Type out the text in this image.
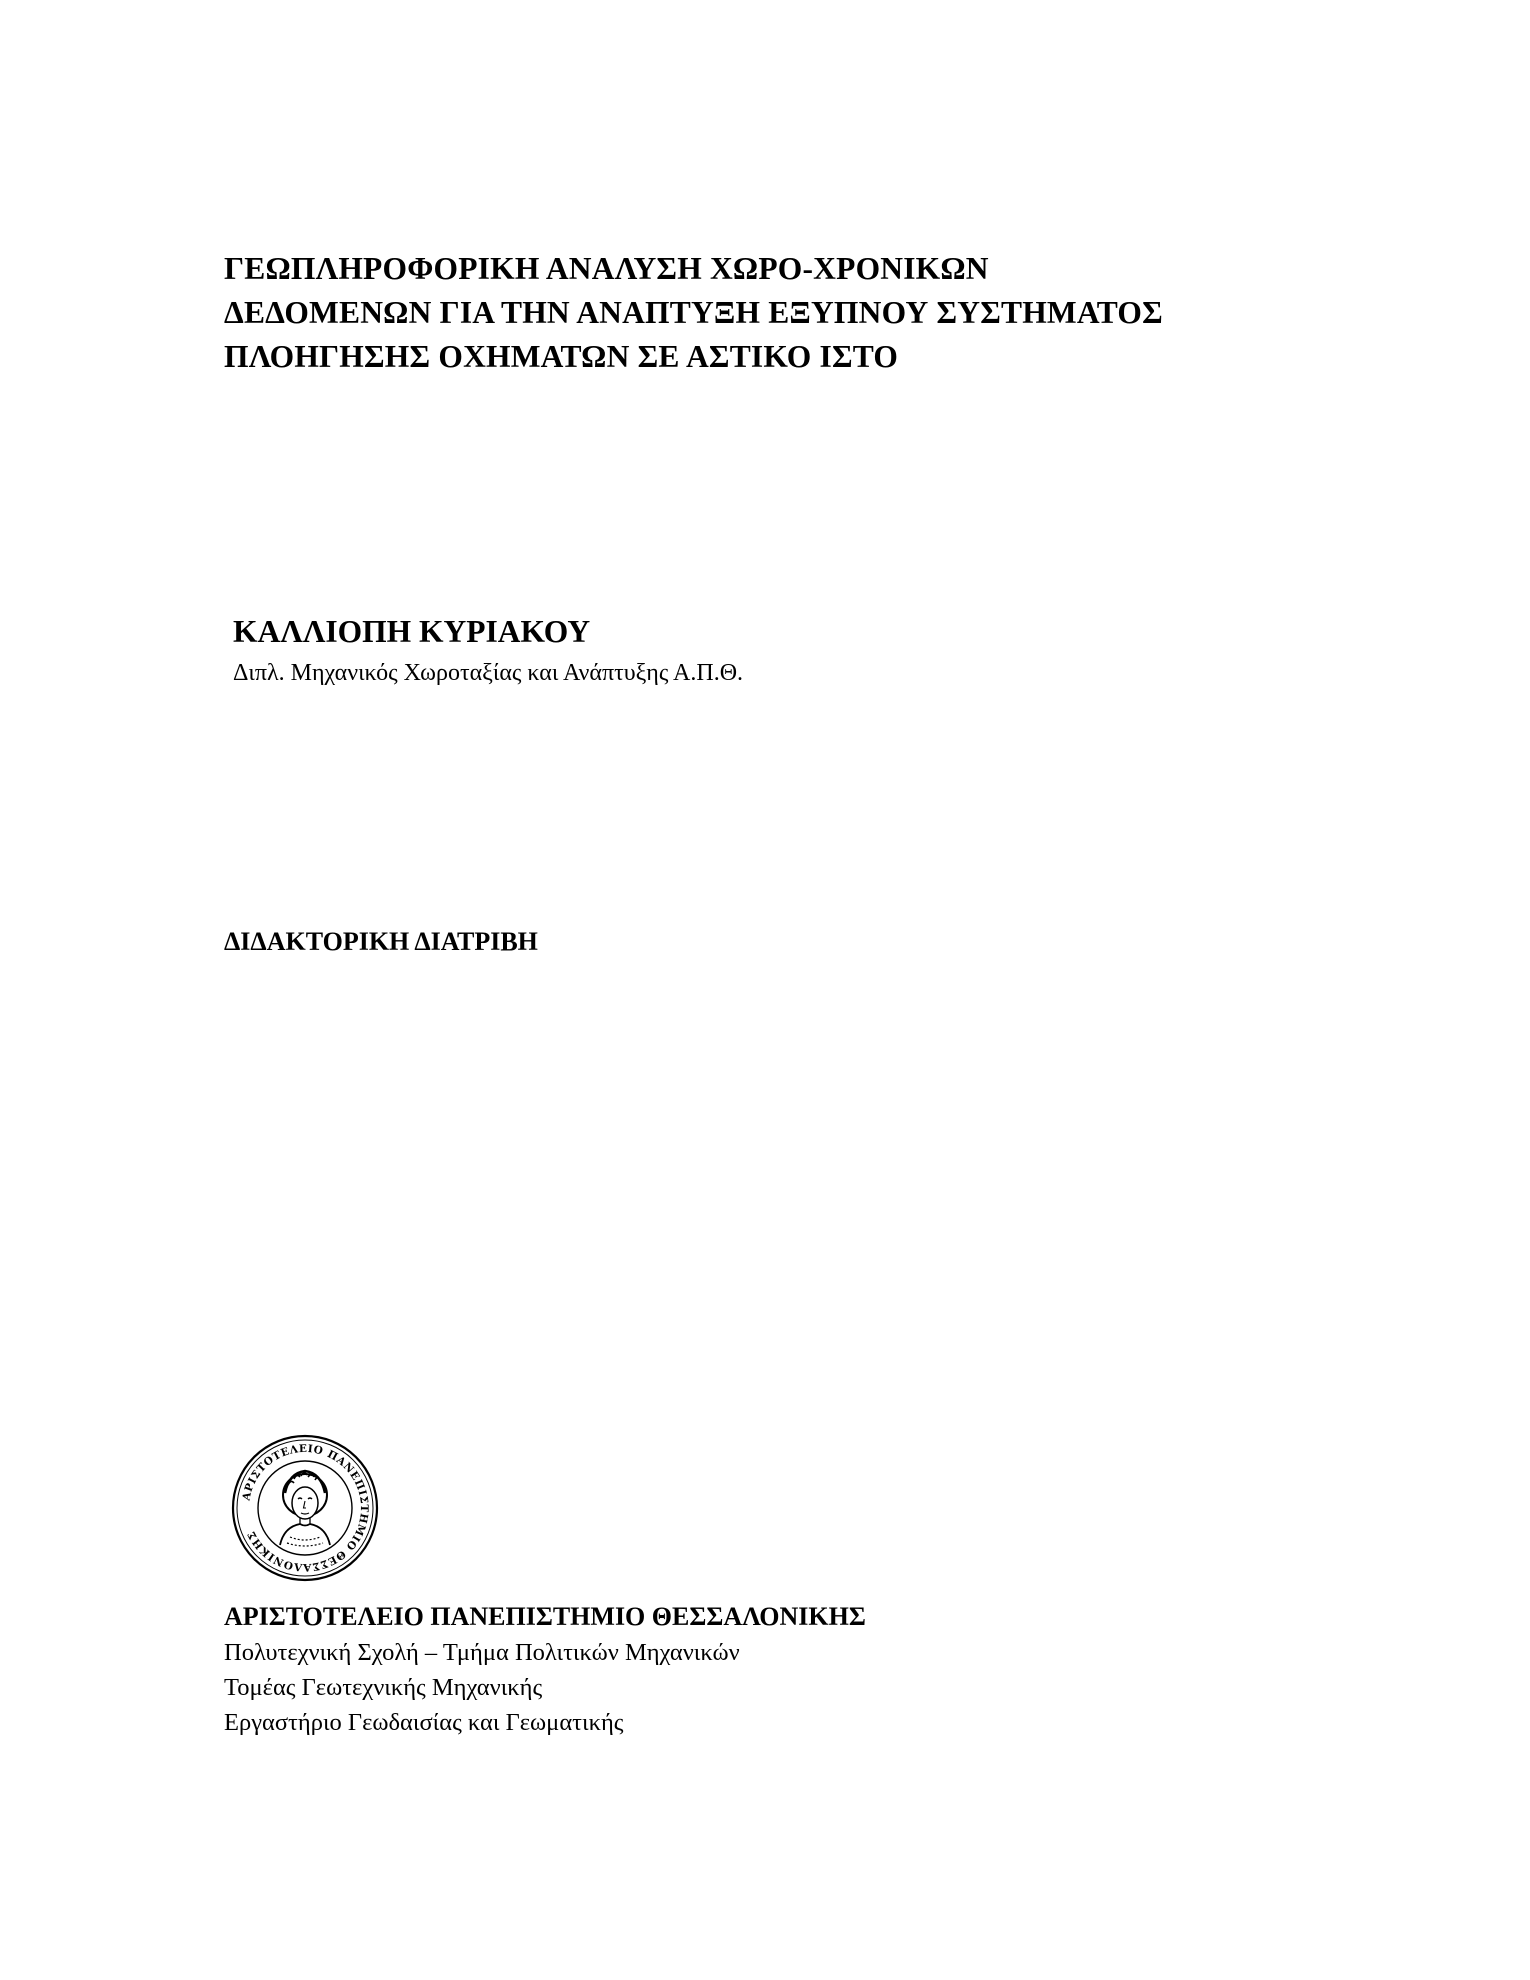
ΓΕΩΠΛΗΡΟΦΟΡΙΚΗ ΑΝΑΛΥΣΗ ΧΩΡΟ-ΧΡΟΝΙΚΩΝ
ΔΕΔΟΜΕΝΩΝ ΓΙΑ ΤΗΝ ΑΝΑΠΤΥΞΗ ΕΞΥΠΝΟΥ ΣΥΣΤΗΜΑΤΟΣ
ΠΛΟΗΓΗΣΗΣ ΟΧΗΜΑΤΩΝ ΣΕ ΑΣΤΙΚΟ ΙΣΤΟ
ΚΑΛΛΙΟΠΗ ΚΥΡΙΑΚΟΥ
Διπλ. Μηχανικός Χωροταξίας και Ανάπτυξης Α.Π.Θ.
ΔΙΔΑΚΤΟΡΙΚΗ ΔΙΑΤΡΙΒΗ
ΑΡΙΣΤΟΤΕΛΕΙΟ ΠΑΝΕΠΙΣΤΗΜΙΟ ΘΕΣΣΑΛΟΝΙΚΗΣ
ΑΡΙΣΤΟΤΕΛΕΙΟ ΠΑΝΕΠΙΣΤΗΜΙΟ ΘΕΣΣΑΛΟΝΙΚΗΣ
Πολυτεχνική Σχολή – Τμήμα Πολιτικών Μηχανικών
Τομέας Γεωτεχνικής Μηχανικής
Εργαστήριο Γεωδαισίας και Γεωματικής
